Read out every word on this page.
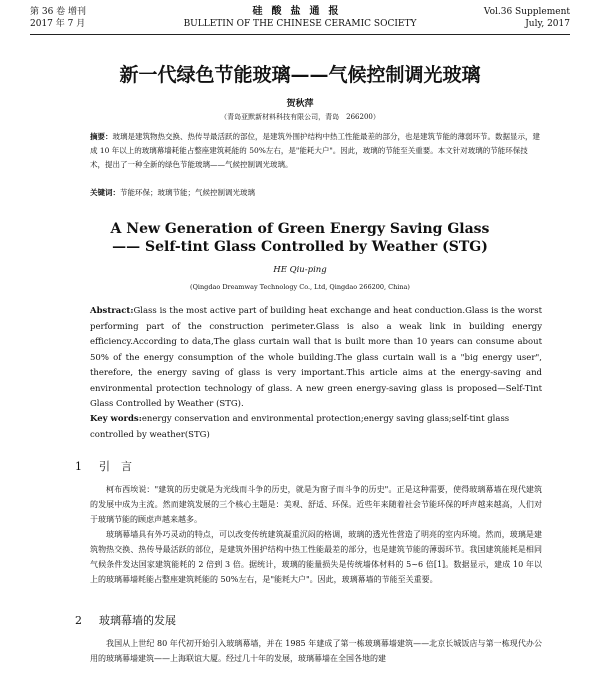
第 36 卷 增刊
2017 年 7 月
硅酸盐通报
BULLETIN OF THE CHINESE CERAMIC SOCIETY
Vol.36 Supplement
July, 2017
新一代绿色节能玻璃——气候控制调光玻璃
贺秋萍
（青岛亚默新材料科技有限公司，青岛　266200）
摘要：玻璃是建筑物热交换、热传导最活跃的部位，是建筑外围护结构中热工性能最差的部分，也是建筑节能的薄弱环节。数据显示，建成 10 年以上的玻璃幕墙耗能占整座建筑耗能的 50%左右，是"能耗大户"。因此，玻璃的节能至关重要。本文针对玻璃的节能环保技术，提出了一种全新的绿色节能玻璃——气候控制调光玻璃。
关键词：节能环保；玻璃节能；气候控制调光玻璃
A New Generation of Green Energy Saving Glass
—— Self-tint Glass Controlled by Weather (STG)
HE Qiu-ping
(Qingdao Dreamway Technology Co., Ltd, Qingdao 266200, China)
Abstract:Glass is the most active part of building heat exchange and heat conduction.Glass is the worst performing part of the construction perimeter.Glass is also a weak link in building energy efficiency.According to data,The glass curtain wall that is built more than 10 years can consume about 50% of the energy consumption of the whole building.The glass curtain wall is a "big energy user", therefore, the energy saving of glass is very important.This article aims at the energy-saving and environmental protection technology of glass. A new green energy-saving glass is proposed—Self-Tint Glass Controlled by Weather (STG).
Key words:energy conservation and environmental protection;energy saving glass;self-tint glass controlled by weather(STG)
1 引　言
柯布西埃说："建筑的历史就是为光线而斗争的历史，就是为窗子而斗争的历史"。正是这种需要，使得玻璃幕墙在现代建筑的发展中成为主流。然而建筑发展的三个核心主题是：美观、舒适、环保。近些年来随着社会节能环保的呼声越来越高，人们对于玻璃节能的顾虑声越来越多。
玻璃幕墙具有外巧灵动的特点，可以改变传统建筑凝重沉闷的格调，玻璃的透光性营造了明亮的室内环境。然而，玻璃是建筑物热交换、热传导最活跃的部位，是建筑外围护结构中热工性能最差的部分，也是建筑节能的薄弱环节。我国建筑能耗是相同气候条件发达国家建筑能耗的 2 倍到 3 倍。据统计，玻璃的能量损失是传统墙体材料的 5~6 倍[1]。数据显示，建成 10 年以上的玻璃幕墙耗能占整座建筑耗能的 50%左右，是"能耗大户"。因此，玻璃幕墙的节能至关重要。
2 玻璃幕墙的发展
我国从上世纪 80 年代初开始引入玻璃幕墙，并在 1985 年建成了第一栋玻璃幕墙建筑——北京长城饭店与第一栋现代办公用的玻璃幕墙建筑——上海联谊大厦。经过几十年的发展，玻璃幕墙在全国各地的建
